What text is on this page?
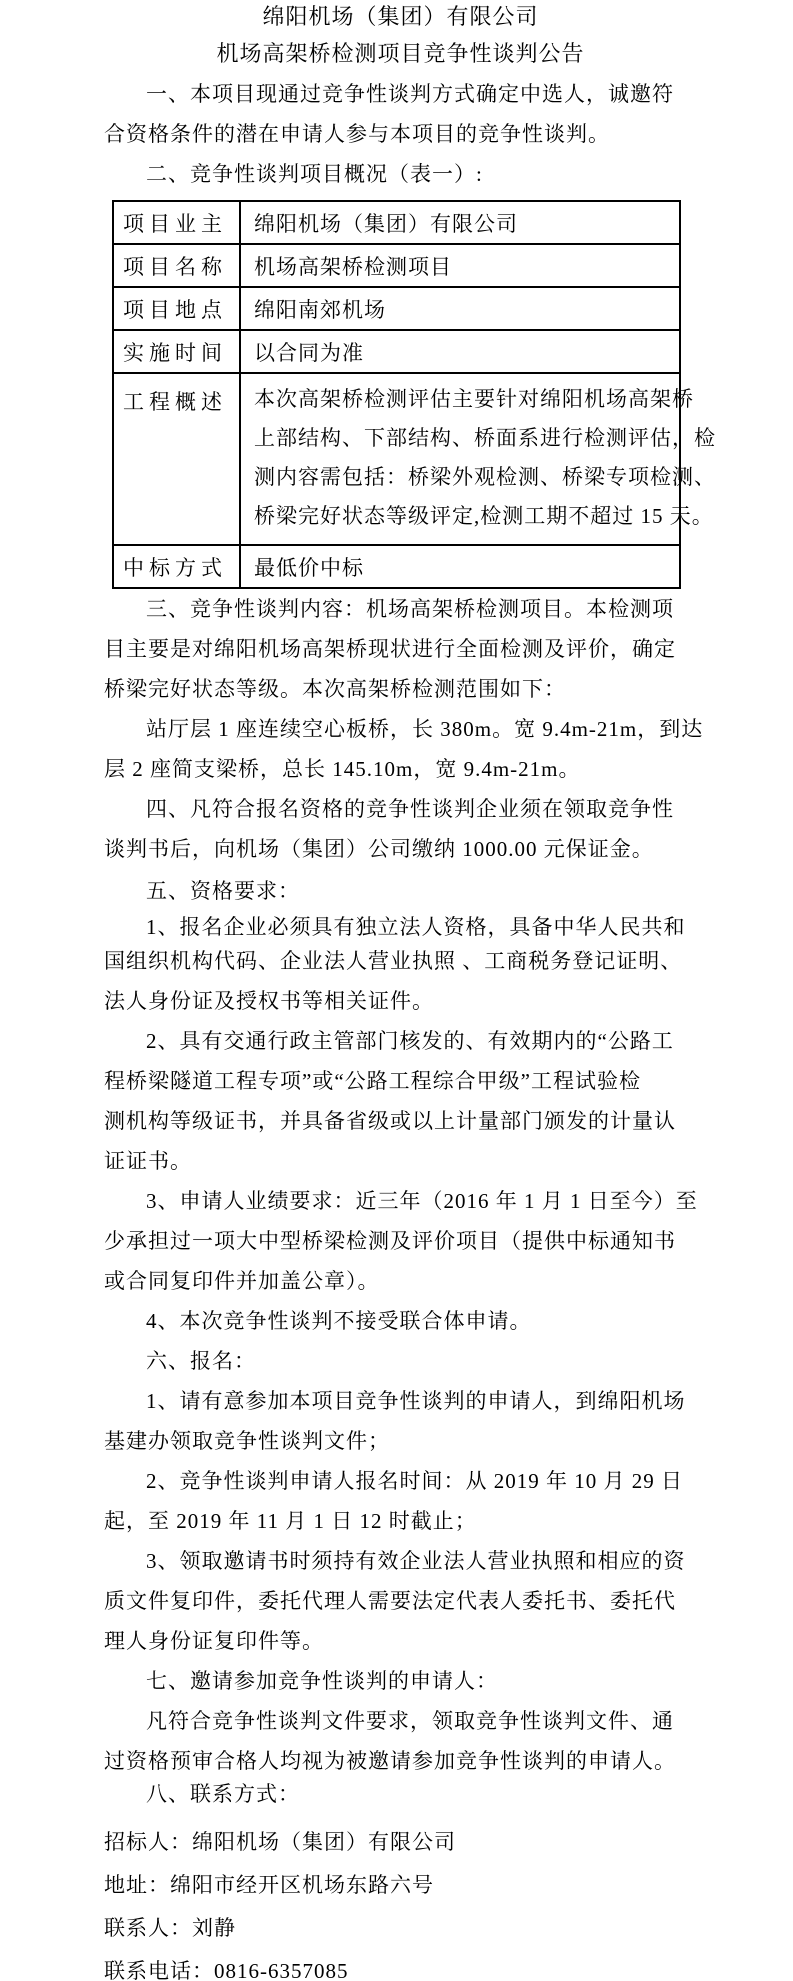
绵阳机场（集团）有限公司
机场高架桥检测项目竞争性谈判公告
一、本项目现通过竞争性谈判方式确定中选人，诚邀符
合资格条件的潜在申请人参与本项目的竞争性谈判。
二、竞争性谈判项目概况（表一）:
项目业主	绵阳机场（集团）有限公司
项目名称	机场高架桥检测项目
项目地点	绵阳南郊机场
实施时间	以合同为准
工程概述	本次高架桥检测评估主要针对绵阳机场高架桥
上部结构、下部结构、桥面系进行检测评估，检
测内容需包括：桥梁外观检测、桥梁专项检测、
桥梁完好状态等级评定,检测工期不超过 15 天。

中标方式	最低价中标
三、竞争性谈判内容：机场高架桥检测项目。本检测项
目主要是对绵阳机场高架桥现状进行全面检测及评价，确定
桥梁完好状态等级。本次高架桥检测范围如下：
站厅层 1 座连续空心板桥，长 380m。宽 9.4m-21m，到达
层 2 座简支梁桥，总长 145.10m，宽 9.4m-21m。
四、凡符合报名资格的竞争性谈判企业须在领取竞争性
谈判书后，向机场（集团）公司缴纳 1000.00 元保证金。
五、资格要求：
1、报名企业必须具有独立法人资格，具备中华人民共和
国组织机构代码、企业法人营业执照 、工商税务登记证明、
法人身份证及授权书等相关证件。
2、具有交通行政主管部门核发的、有效期内的“公路工
程桥梁隧道工程专项”或“公路工程综合甲级”工程试验检
测机构等级证书，并具备省级或以上计量部门颁发的计量认
证证书。
3、申请人业绩要求：近三年（2016 年 1 月 1 日至今）至
少承担过一项大中型桥梁检测及评价项目（提供中标通知书
或合同复印件并加盖公章）。
4、本次竞争性谈判不接受联合体申请。
六、报名：
1、请有意参加本项目竞争性谈判的申请人，到绵阳机场
基建办领取竞争性谈判文件；
2、竞争性谈判申请人报名时间：从 2019 年 10 月 29 日
起，至 2019 年 11 月 1 日 12 时截止；
3、领取邀请书时须持有效企业法人营业执照和相应的资
质文件复印件，委托代理人需要法定代表人委托书、委托代
理人身份证复印件等。
七、邀请参加竞争性谈判的申请人：
凡符合竞争性谈判文件要求，领取竞争性谈判文件、通
过资格预审合格人均视为被邀请参加竞争性谈判的申请人。
八、联系方式：
招标人：绵阳机场（集团）有限公司
地址：绵阳市经开区机场东路六号
联系人：刘静
联系电话：0816-6357085
